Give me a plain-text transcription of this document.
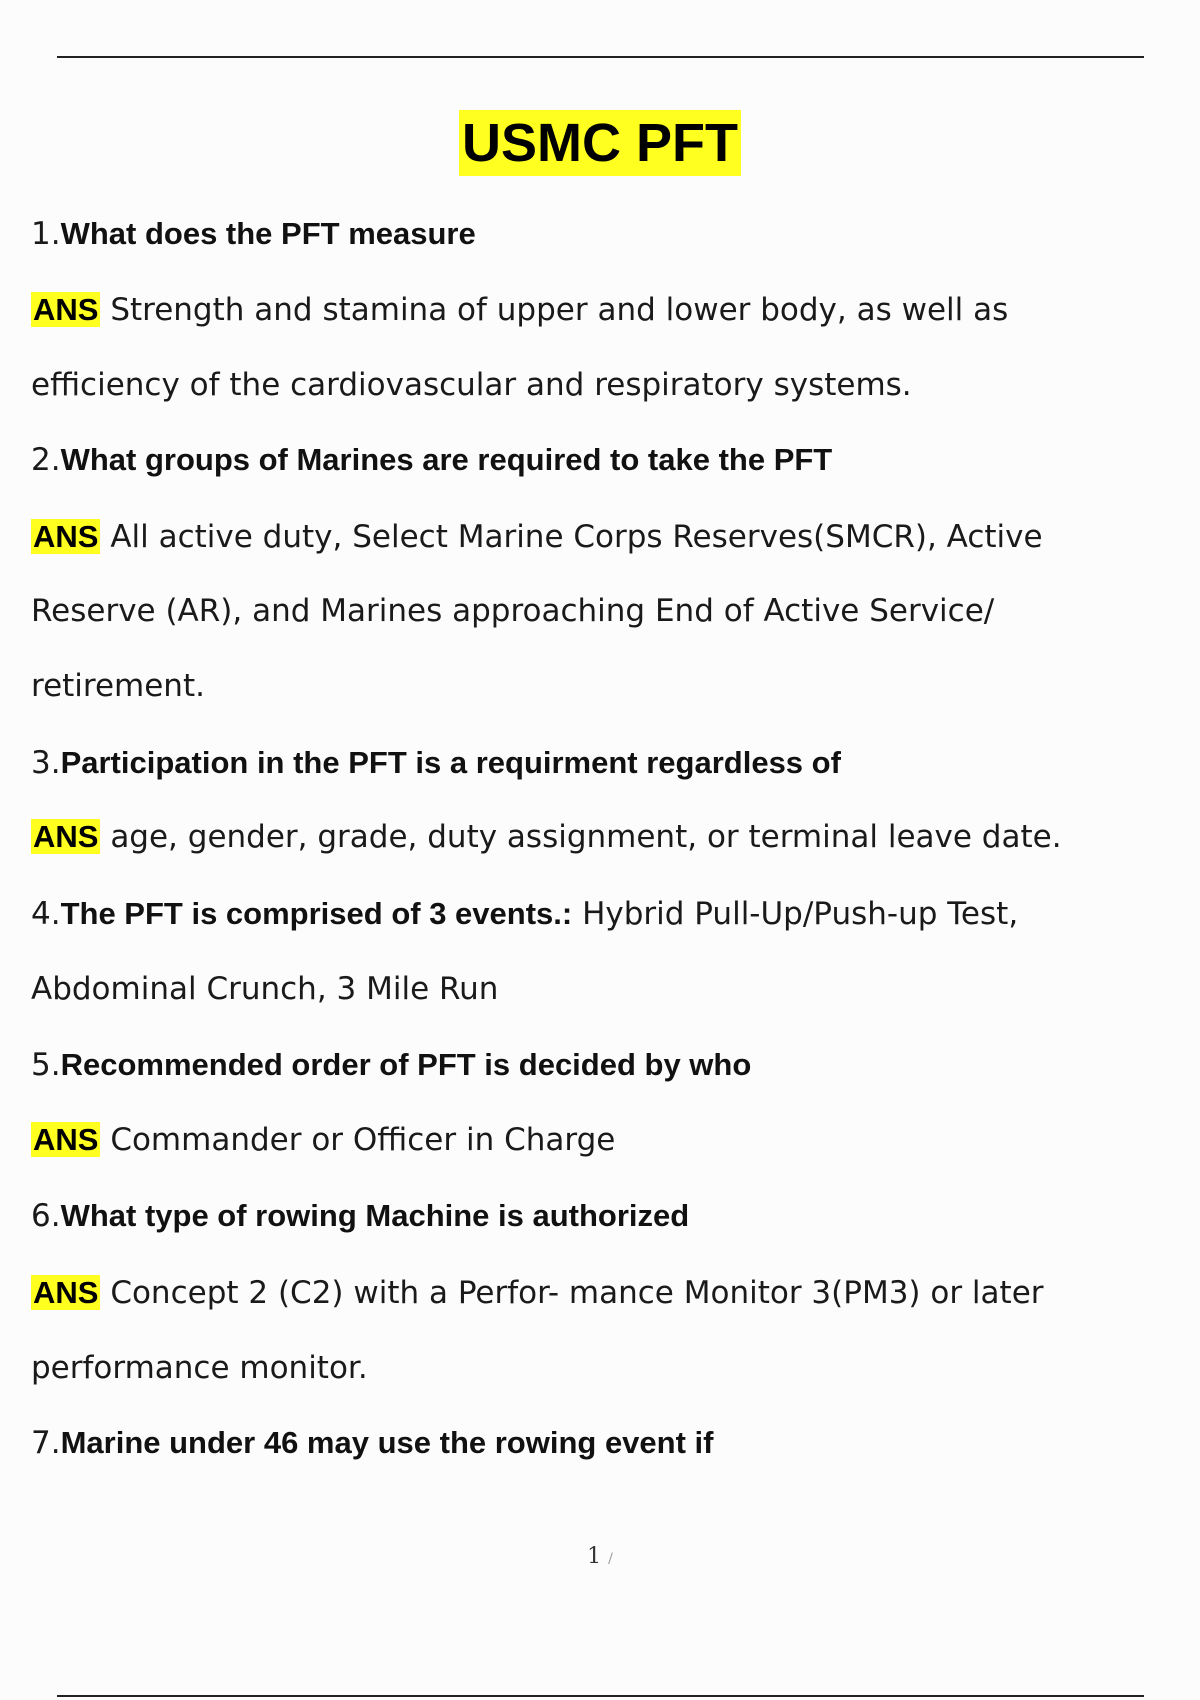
USMC PFT
1.What does the PFT measure
ANS Strength and stamina of upper and lower body, as well as
efficiency of the cardiovascular and respiratory systems.
2.What groups of Marines are required to take the PFT
ANS All active duty, Select Marine Corps Reserves(SMCR), Active
Reserve (AR), and Marines approaching End of Active Service/
retirement.
3.Participation in the PFT is a requirment regardless of
ANS age, gender, grade, duty assignment, or terminal leave date.
4.The PFT is comprised of 3 events.: Hybrid Pull-Up/Push-up Test,
Abdominal Crunch, 3 Mile Run
5.Recommended order of PFT is decided by who
ANS Commander or Officer in Charge
6.What type of rowing Machine is authorized
ANS Concept 2 (C2) with a Perfor- mance Monitor 3(PM3) or later
performance monitor.
7.Marine under 46 may use the rowing event if
1 /
